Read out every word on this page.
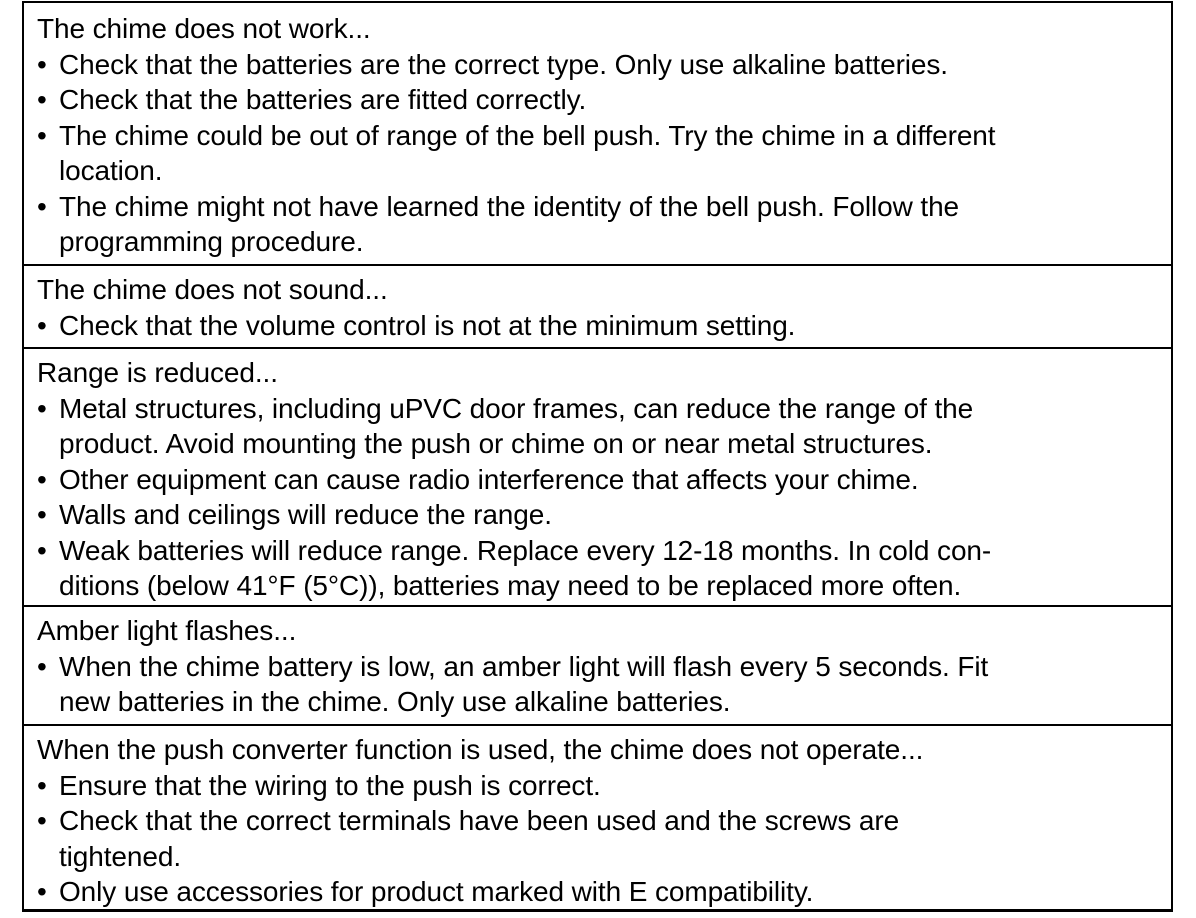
The chime does not work...
• Check that the batteries are the correct type. Only use alkaline batteries.
• Check that the batteries are fitted correctly.
• The chime could be out of range of the bell push. Try the chime in a different
location.
• The chime might not have learned the identity of the bell push. Follow the
programming procedure.
The chime does not sound...
• Check that the volume control is not at the minimum setting.
Range is reduced...
• Metal structures, including uPVC door frames, can reduce the range of the
product. Avoid mounting the push or chime on or near metal structures.
• Other equipment can cause radio interference that affects your chime.
• Walls and ceilings will reduce the range.
• Weak batteries will reduce range. Replace every 12-18 months. In cold con-
ditions (below 41°F (5°C)), batteries may need to be replaced more often.
Amber light flashes...
• When the chime battery is low, an amber light will flash every 5 seconds. Fit
new batteries in the chime. Only use alkaline batteries.
When the push converter function is used, the chime does not operate...
• Ensure that the wiring to the push is correct.
• Check that the correct terminals have been used and the screws are
tightened.
• Only use accessories for product marked with E compatibility.
